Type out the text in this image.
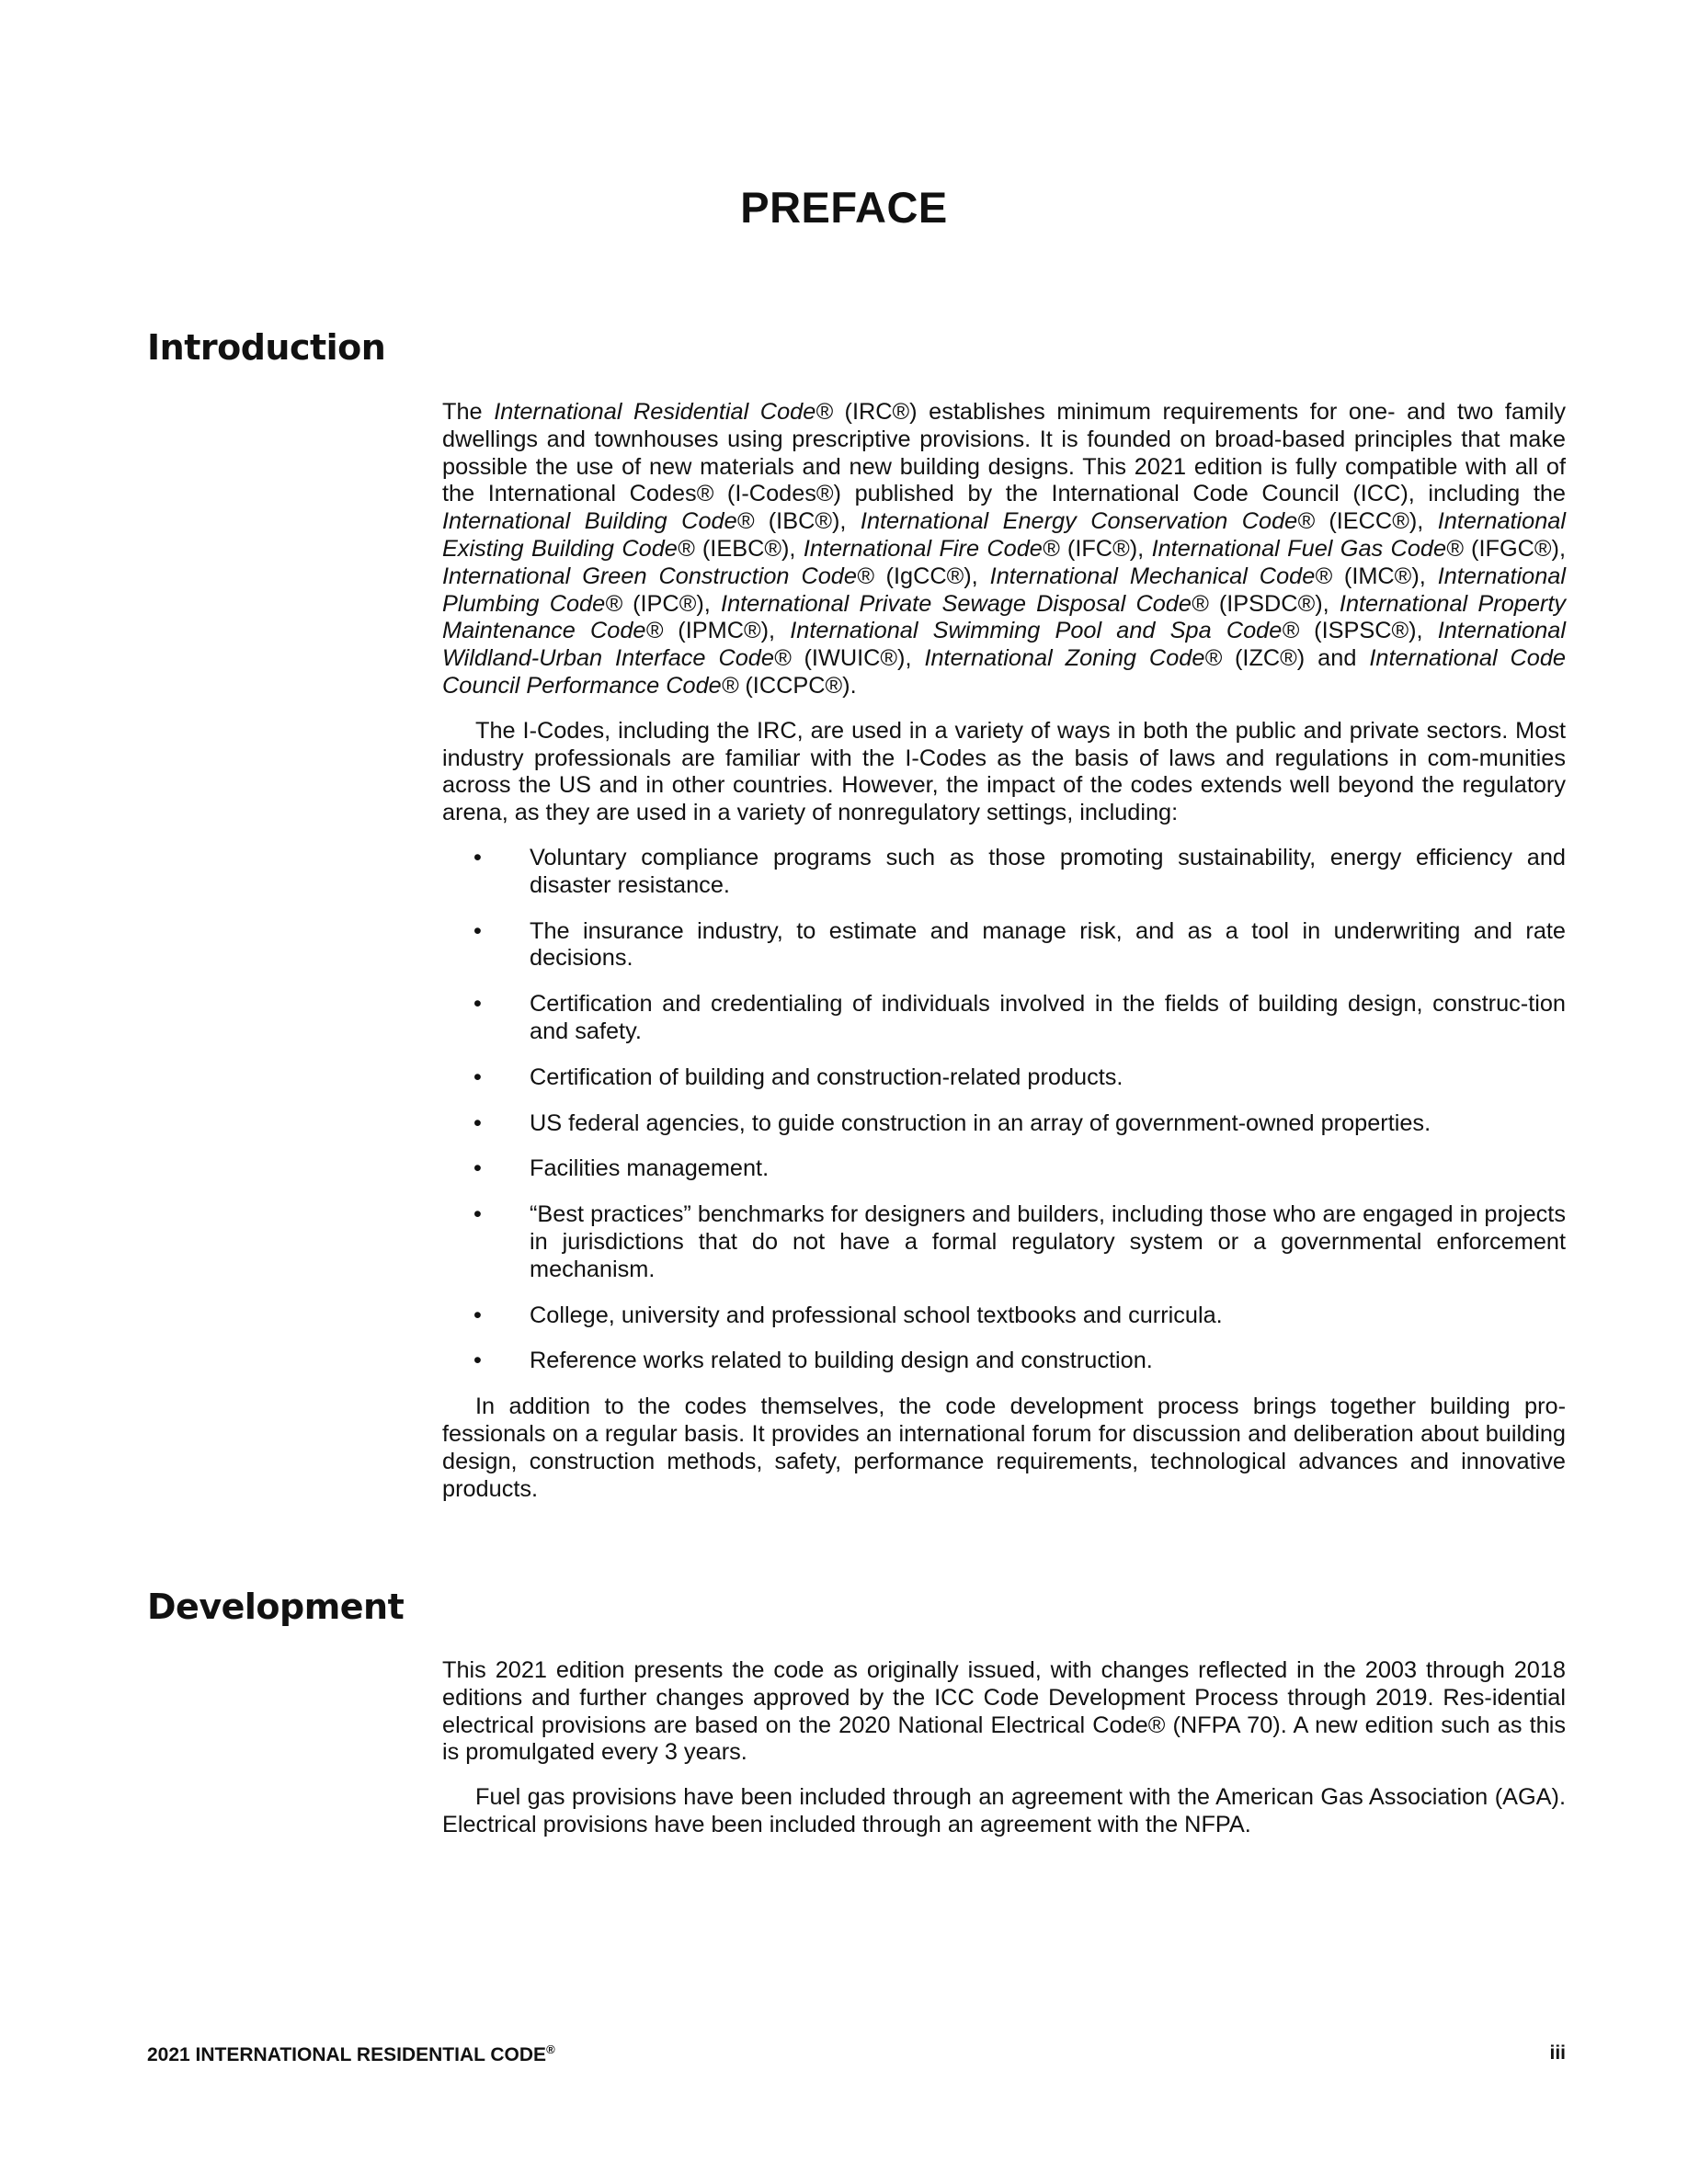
PREFACE
Introduction

The International Residential Code® (IRC®) establishes minimum requirements for one- and two family dwellings and townhouses using prescriptive provisions. It is founded on broad-based principles that make possible the use of new materials and new building designs. This 2021 edition is fully compatible with all of the International Codes® (I-Codes®) published by the International Code Council (ICC), including the International Building Code® (IBC®), International Energy Conservation Code® (IECC®), International Existing Building Code® (IEBC®), International Fire Code® (IFC®), International Fuel Gas Code® (IFGC®), International Green Construction Code® (IgCC®), International Mechanical Code® (IMC®), International Plumbing Code® (IPC®), International Private Sewage Disposal Code® (IPSDC®), International Property Maintenance Code® (IPMC®), International Swimming Pool and Spa Code® (ISPSC®), International Wildland-Urban Interface Code® (IWUIC®), International Zoning Code® (IZC®) and International Code Council Performance Code® (ICCPC®).

The I-Codes, including the IRC, are used in a variety of ways in both the public and private sectors. Most industry professionals are familiar with the I-Codes as the basis of laws and regulations in com-munities across the US and in other countries. However, the impact of the codes extends well beyond the regulatory arena, as they are used in a variety of nonregulatory settings, including:

• Voluntary compliance programs such as those promoting sustainability, energy efficiency and disaster resistance.
• The insurance industry, to estimate and manage risk, and as a tool in underwriting and rate decisions.
• Certification and credentialing of individuals involved in the fields of building design, construc-tion and safety.
• Certification of building and construction-related products.
• US federal agencies, to guide construction in an array of government-owned properties.
• Facilities management.
• “Best practices” benchmarks for designers and builders, including those who are engaged in projects in jurisdictions that do not have a formal regulatory system or a governmental enforcement mechanism.
• College, university and professional school textbooks and curricula.
• Reference works related to building design and construction.

In addition to the codes themselves, the code development process brings together building pro-fessionals on a regular basis. It provides an international forum for discussion and deliberation about building design, construction methods, safety, performance requirements, technological advances and innovative products.

Development

This 2021 edition presents the code as originally issued, with changes reflected in the 2003 through 2018 editions and further changes approved by the ICC Code Development Process through 2019. Res-idential electrical provisions are based on the 2020 National Electrical Code® (NFPA 70). A new edition such as this is promulgated every 3 years.

Fuel gas provisions have been included through an agreement with the American Gas Association (AGA). Electrical provisions have been included through an agreement with the NFPA.

2021 INTERNATIONAL RESIDENTIAL CODE®	iii
